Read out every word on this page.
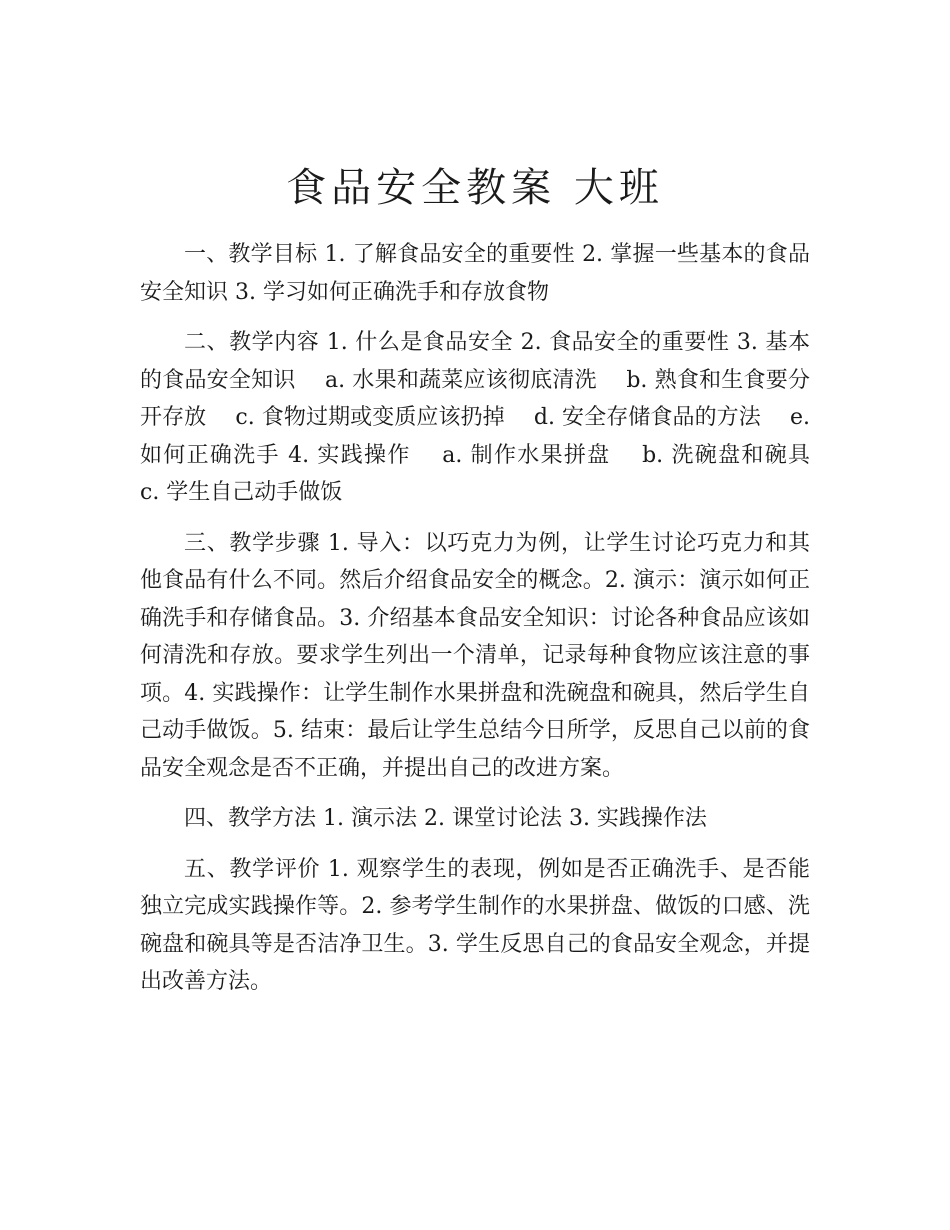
食品安全教案 大班

一、教学目标 1. 了解食品安全的重要性 2. 掌握一些基本的食品安全知识 3. 学习如何正确洗手和存放食物

二、教学内容 1. 什么是食品安全 2. 食品安全的重要性 3. 基本的食品安全知识　 a. 水果和蔬菜应该彻底清洗　 b. 熟食和生食要分开存放　 c. 食物过期或变质应该扔掉　 d. 安全存储食品的方法　 e. 如何正确洗手 4. 实践操作　 a. 制作水果拼盘　 b. 洗碗盘和碗具　 c. 学生自己动手做饭

三、教学步骤 1. 导入：以巧克力为例，让学生讨论巧克力和其他食品有什么不同。然后介绍食品安全的概念。2. 演示：演示如何正确洗手和存储食品。3. 介绍基本食品安全知识：讨论各种食品应该如何清洗和存放。要求学生列出一个清单，记录每种食物应该注意的事项。4. 实践操作：让学生制作水果拼盘和洗碗盘和碗具，然后学生自己动手做饭。5. 结束：最后让学生总结今日所学，反思自己以前的食品安全观念是否不正确，并提出自己的改进方案。

四、教学方法 1. 演示法 2. 课堂讨论法 3. 实践操作法

五、教学评价 1. 观察学生的表现，例如是否正确洗手、是否能独立完成实践操作等。2. 参考学生制作的水果拼盘、做饭的口感、洗碗盘和碗具等是否洁净卫生。3. 学生反思自己的食品安全观念，并提出改善方法。
